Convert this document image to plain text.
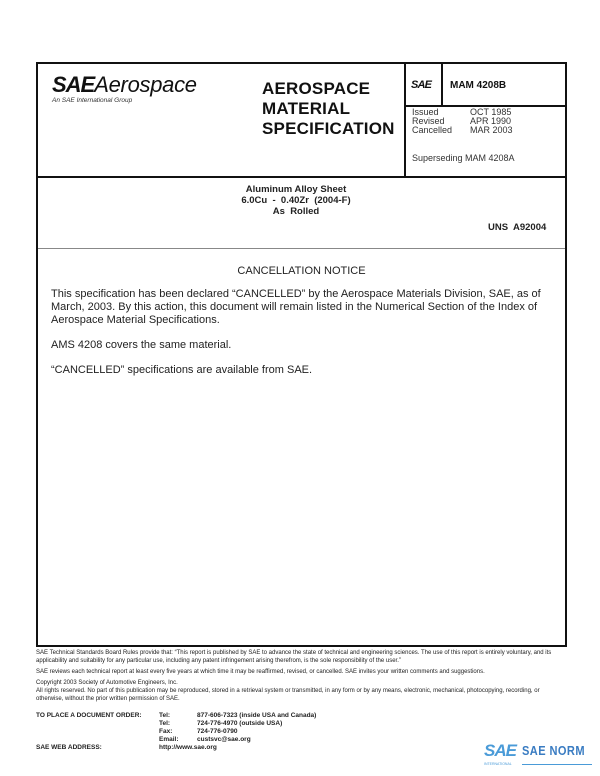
SAEAerospace
An SAE International Group
AEROSPACE
MATERIAL
SPECIFICATION
SAE MAM 4208B
Issued	OCT 1985
Revised	APR 1990
Cancelled	MAR 2003
Superseding MAM 4208A
Aluminum Alloy Sheet
6.0Cu  -  0.40Zr  (2004-F)
As  Rolled
UNS  A92004
CANCELLATION NOTICE

This specification has been declared “CANCELLED” by the Aerospace Materials Division, SAE, as of March, 2003. By this action, this document will remain listed in the Numerical Section of the Index of Aerospace Material Specifications.

AMS 4208 covers the same material.

“CANCELLED” specifications are available from SAE.

SAE Technical Standards Board Rules provide that: “This report is published by SAE to advance the state of technical and engineering sciences. The use of this report is entirely voluntary, and its applicability and suitability for any particular use, including any patent infringement arising therefrom, is the sole responsibility of the user.”

SAE reviews each technical report at least every five years at which time it may be reaffirmed, revised, or cancelled. SAE invites your written comments and suggestions.

Copyright 2003 Society of Automotive Engineers, Inc.

All rights reserved. No part of this publication may be reproduced, stored in a retrieval system or transmitted, in any form or by any means, electronic, mechanical, photocopying, recording, or otherwise, without the prior written permission of SAE.

TO PLACE A DOCUMENT ORDER:	Tel:	877-606-7323 (inside USA and Canada)
Tel:	724-776-4970 (outside USA)
Fax:	724-776-0790
Email:	custsvc@sae.org
SAE WEB ADDRESS:	http://www.sae.org	SAE SAE NORM
INTERNATIONAL
